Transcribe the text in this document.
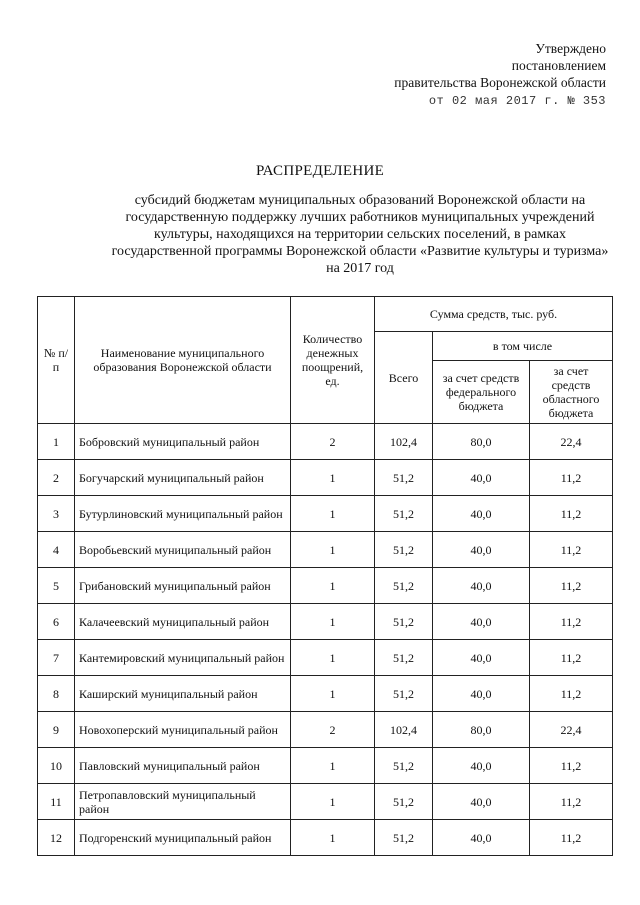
Утверждено
постановлением
правительства Воронежской области
от 02 мая 2017 г. № 353
РАСПРЕДЕЛЕНИЕ
субсидий бюджетам муниципальных образований Воронежской области на государственную поддержку лучших работников муниципальных учреждений культуры, находящихся на территории сельских поселений, в рамках государственной программы Воронежской области «Развитие культуры и туризма» на 2017 год
№ п/п	Наименование муниципального образования Воронежской области	Количество денежных поощрений, ед.	Сумма средств, тыс. руб.		
			Всего	в том числе	
				за счет средств федерального бюджета	за счет средств областного бюджета
1	Бобровский муниципальный район	2	102,4	80,0	22,4
2	Богучарский муниципальный район	1	51,2	40,0	11,2
3	Бутурлиновский муниципальный район	1	51,2	40,0	11,2
4	Воробьевский муниципальный район	1	51,2	40,0	11,2
5	Грибановский муниципальный район	1	51,2	40,0	11,2
6	Калачеевский муниципальный район	1	51,2	40,0	11,2
7	Кантемировский муниципальный район	1	51,2	40,0	11,2
8	Каширский муниципальный район	1	51,2	40,0	11,2
9	Новохоперский муниципальный район	2	102,4	80,0	22,4
10	Павловский муниципальный район	1	51,2	40,0	11,2
11	Петропавловский муниципальный район	1	51,2	40,0	11,2
12	Подгоренский муниципальный район	1	51,2	40,0	11,2
